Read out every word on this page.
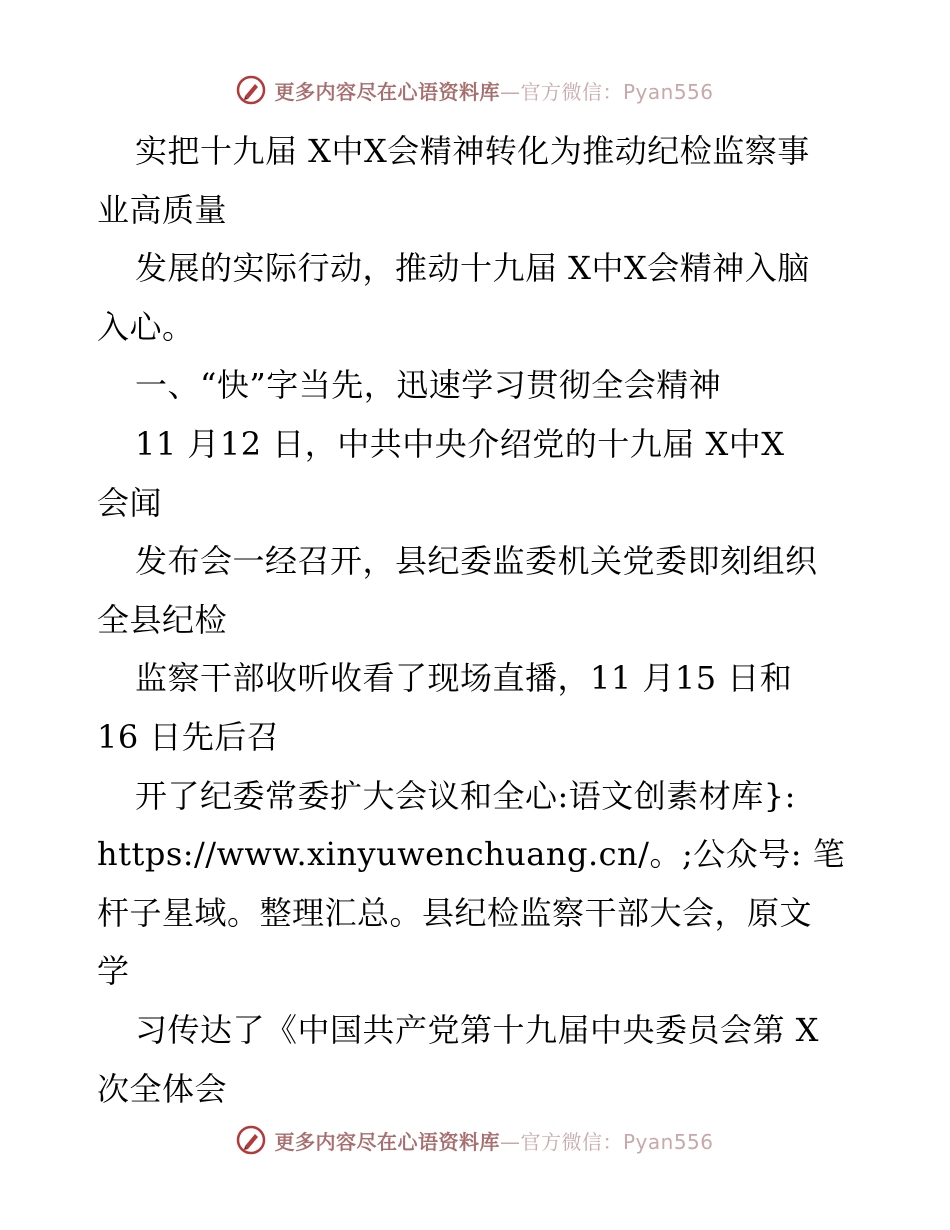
更多内容尽在心语资料库—官方微信：Pyan556
实把十九届 X中X会精神转化为推动纪检监察事
业高质量
发展的实际行动，推动十九届 X中X会精神入脑
入心。
一、“快”字当先，迅速学习贯彻全会精神
11 月12 日，中共中央介绍党的十九届 X中X
会闻
发布会一经召开，县纪委监委机关党委即刻组织
全县纪检
监察干部收听收看了现场直播，11 月15 日和
16 日先后召
开了纪委常委扩大会议和全心:语文创素材库}:
https://www.xinyuwenchuang.cn/。;公众号: 笔
杆子星域。整理汇总。县纪检监察干部大会，原文
学
习传达了《中国共产党第十九届中央委员会第 X
次全体会
更多内容尽在心语资料库—官方微信：Pyan556
